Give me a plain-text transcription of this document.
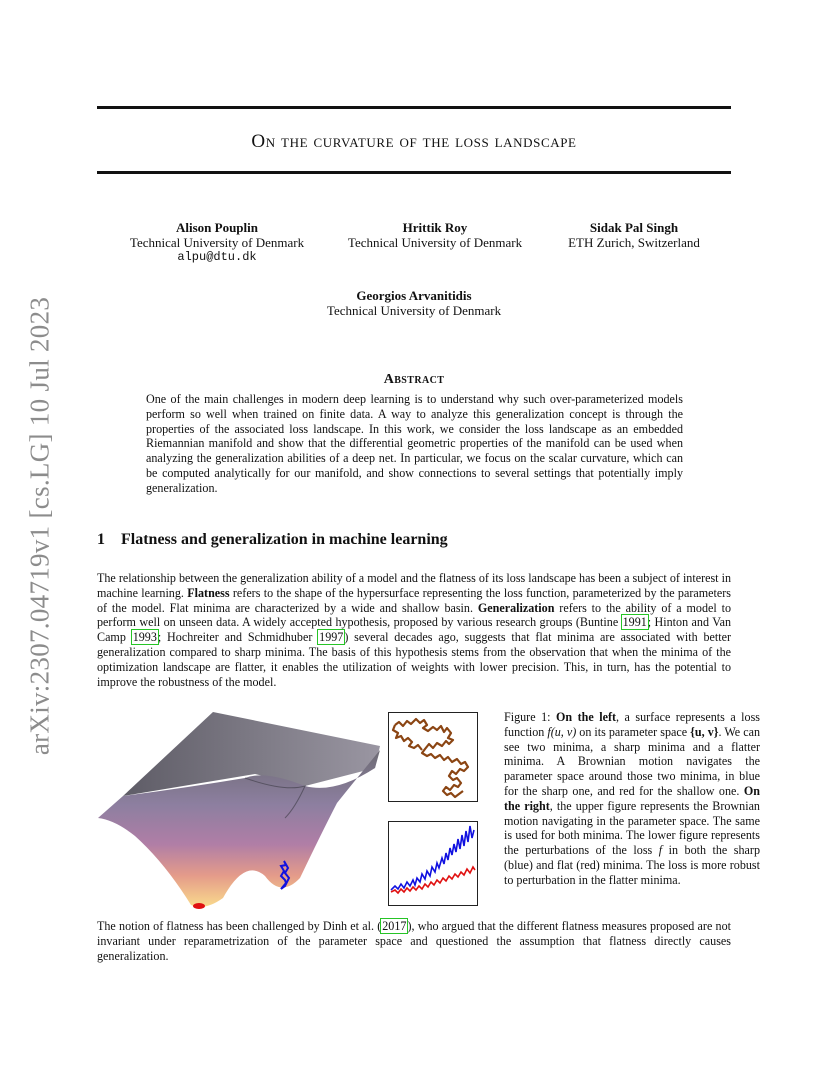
On the curvature of the loss landscape
arXiv:2307.04719v1 [cs.LG] 10 Jul 2023
Alison Pouplin
Technical University of Denmark
alpu@dtu.dk
Hrittik Roy
Technical University of Denmark
Sidak Pal Singh
ETH Zurich, Switzerland
Georgios Arvanitidis
Technical University of Denmark
Abstract
One of the main challenges in modern deep learning is to understand why such over-parameterized models perform so well when trained on finite data. A way to analyze this generalization concept is through the properties of the associated loss landscape. In this work, we consider the loss landscape as an embedded Riemannian manifold and show that the differential geometric properties of the manifold can be used when analyzing the generalization abilities of a deep net. In particular, we focus on the scalar curvature, which can be computed analytically for our manifold, and show connections to several settings that potentially imply generalization.
1 Flatness and generalization in machine learning
The relationship between the generalization ability of a model and the flatness of its loss landscape has been a subject of interest in machine learning. Flatness refers to the shape of the hypersurface representing the loss function, parameterized by the parameters of the model. Flat minima are characterized by a wide and shallow basin. Generalization refers to the ability of a model to perform well on unseen data. A widely accepted hypothesis, proposed by various research groups (Buntine 1991; Hinton and Van Camp 1993; Hochreiter and Schmidhuber 1997) several decades ago, suggests that flat minima are associated with better generalization compared to sharp minima. The basis of this hypothesis stems from the observation that when the minima of the optimization landscape are flatter, it enables the utilization of weights with lower precision. This, in turn, has the potential to improve the robustness of the model.
Figure 1: On the left, a surface represents a loss function f(u, v) on its parameter space {u, v}. We can see two minima, a sharp minima and a flatter minima. A Brownian motion navigates the parameter space around those two minima, in blue for the sharp one, and red for the shallow one. On the right, the upper figure represents the Brownian motion navigating in the parameter space. The same is used for both minima. The lower figure represents the perturbations of the loss f in both the sharp (blue) and flat (red) minima. The loss is more robust to perturbation in the flatter minima.
The notion of flatness has been challenged by Dinh et al. (2017), who argued that the different flatness measures proposed are not invariant under reparametrization of the parameter space and questioned the assumption that flatness directly causes generalization.
